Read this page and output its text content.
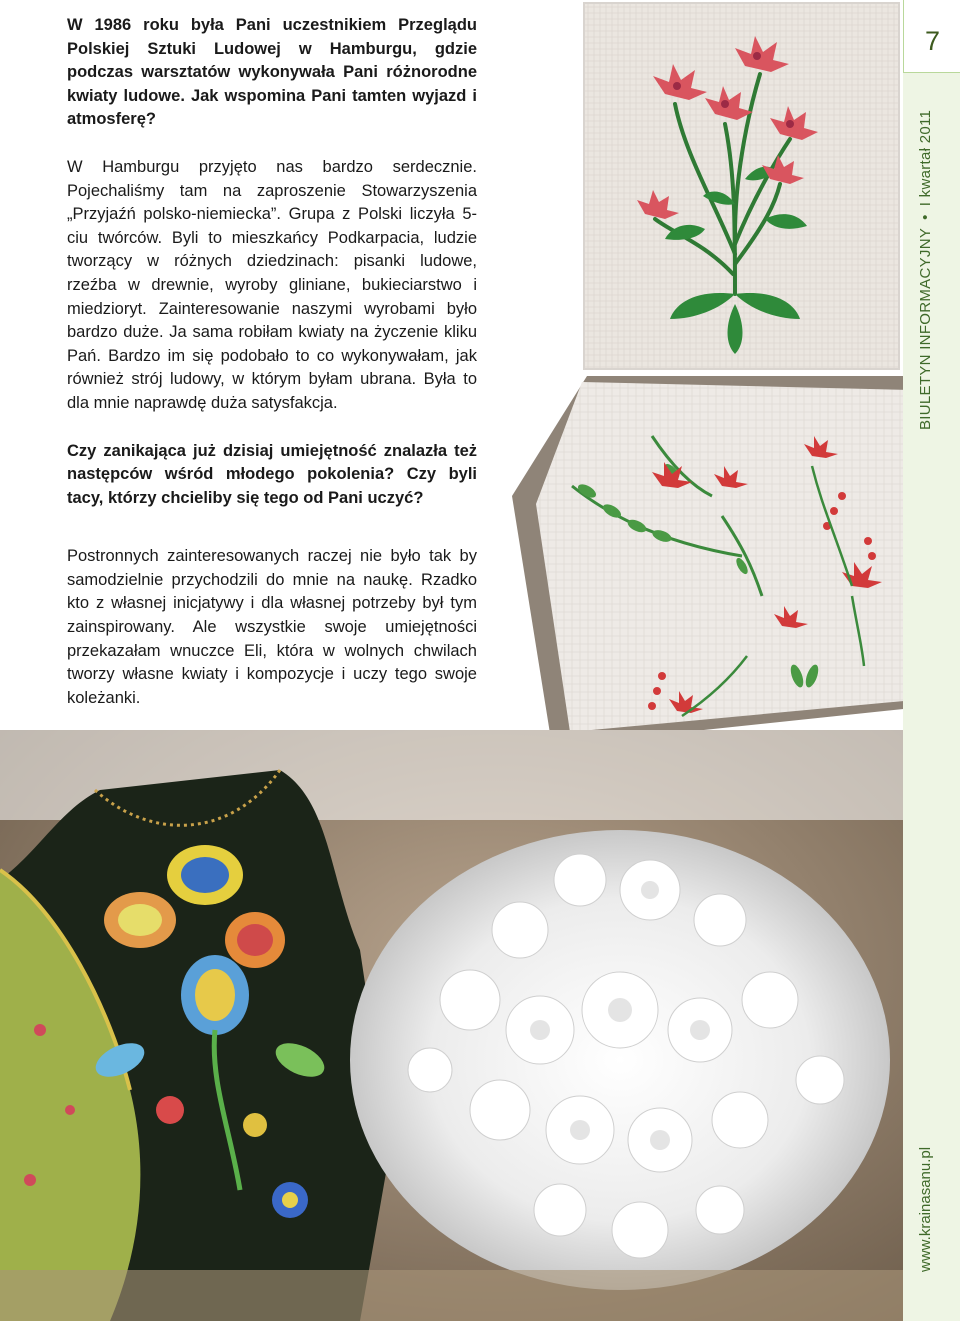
W 1986 roku była Pani uczestnikiem Przeglądu Polskiej Sztuki Ludowej w Hamburgu, gdzie podczas warsztatów wykonywała Pani różnorodne kwiaty ludowe. Jak wspomina Pani tamten wyjazd i atmosferę?

W Hamburgu przyjęto nas bardzo serdecznie. Pojechaliśmy tam na zaproszenie Stowarzyszenia „Przyjaźń polsko-niemiecka”. Grupa z Polski liczyła 5-ciu twórców. Byli to mieszkańcy Podkarpacia, ludzie tworzący w różnych dziedzinach: pisanki ludowe, rzeźba w drewnie, wyroby gliniane, bukieciarstwo i miedzioryt. Zainteresowanie naszymi wyrobami było bardzo duże. Ja sama robiłam kwiaty na życzenie kliku Pań. Bardzo im się podobało to co wykonywałam, jak również strój ludowy, w którym byłam ubrana. Była to dla mnie naprawdę duża satysfakcja.

Czy zanikająca już dzisiaj umiejętność znalazła też następców wśród młodego pokolenia? Czy byli tacy, którzy chcieliby się tego od Pani uczyć?

Postronnych zainteresowanych raczej nie było tak by samodzielnie przychodzili do mnie na naukę. Rzadko kto z własnej inicjatywy i dla własnej potrzeby był tym zainspirowany. Ale wszystkie swoje umiejętności przekazałam wnuczce Eli, która w wolnych chwilach tworzy własne kwiaty i kompozycje i uczy tego swoje koleżanki.

7
BIULETYN INFORMACYJNY•I kwartał 2011
www.krainasanu.pl
